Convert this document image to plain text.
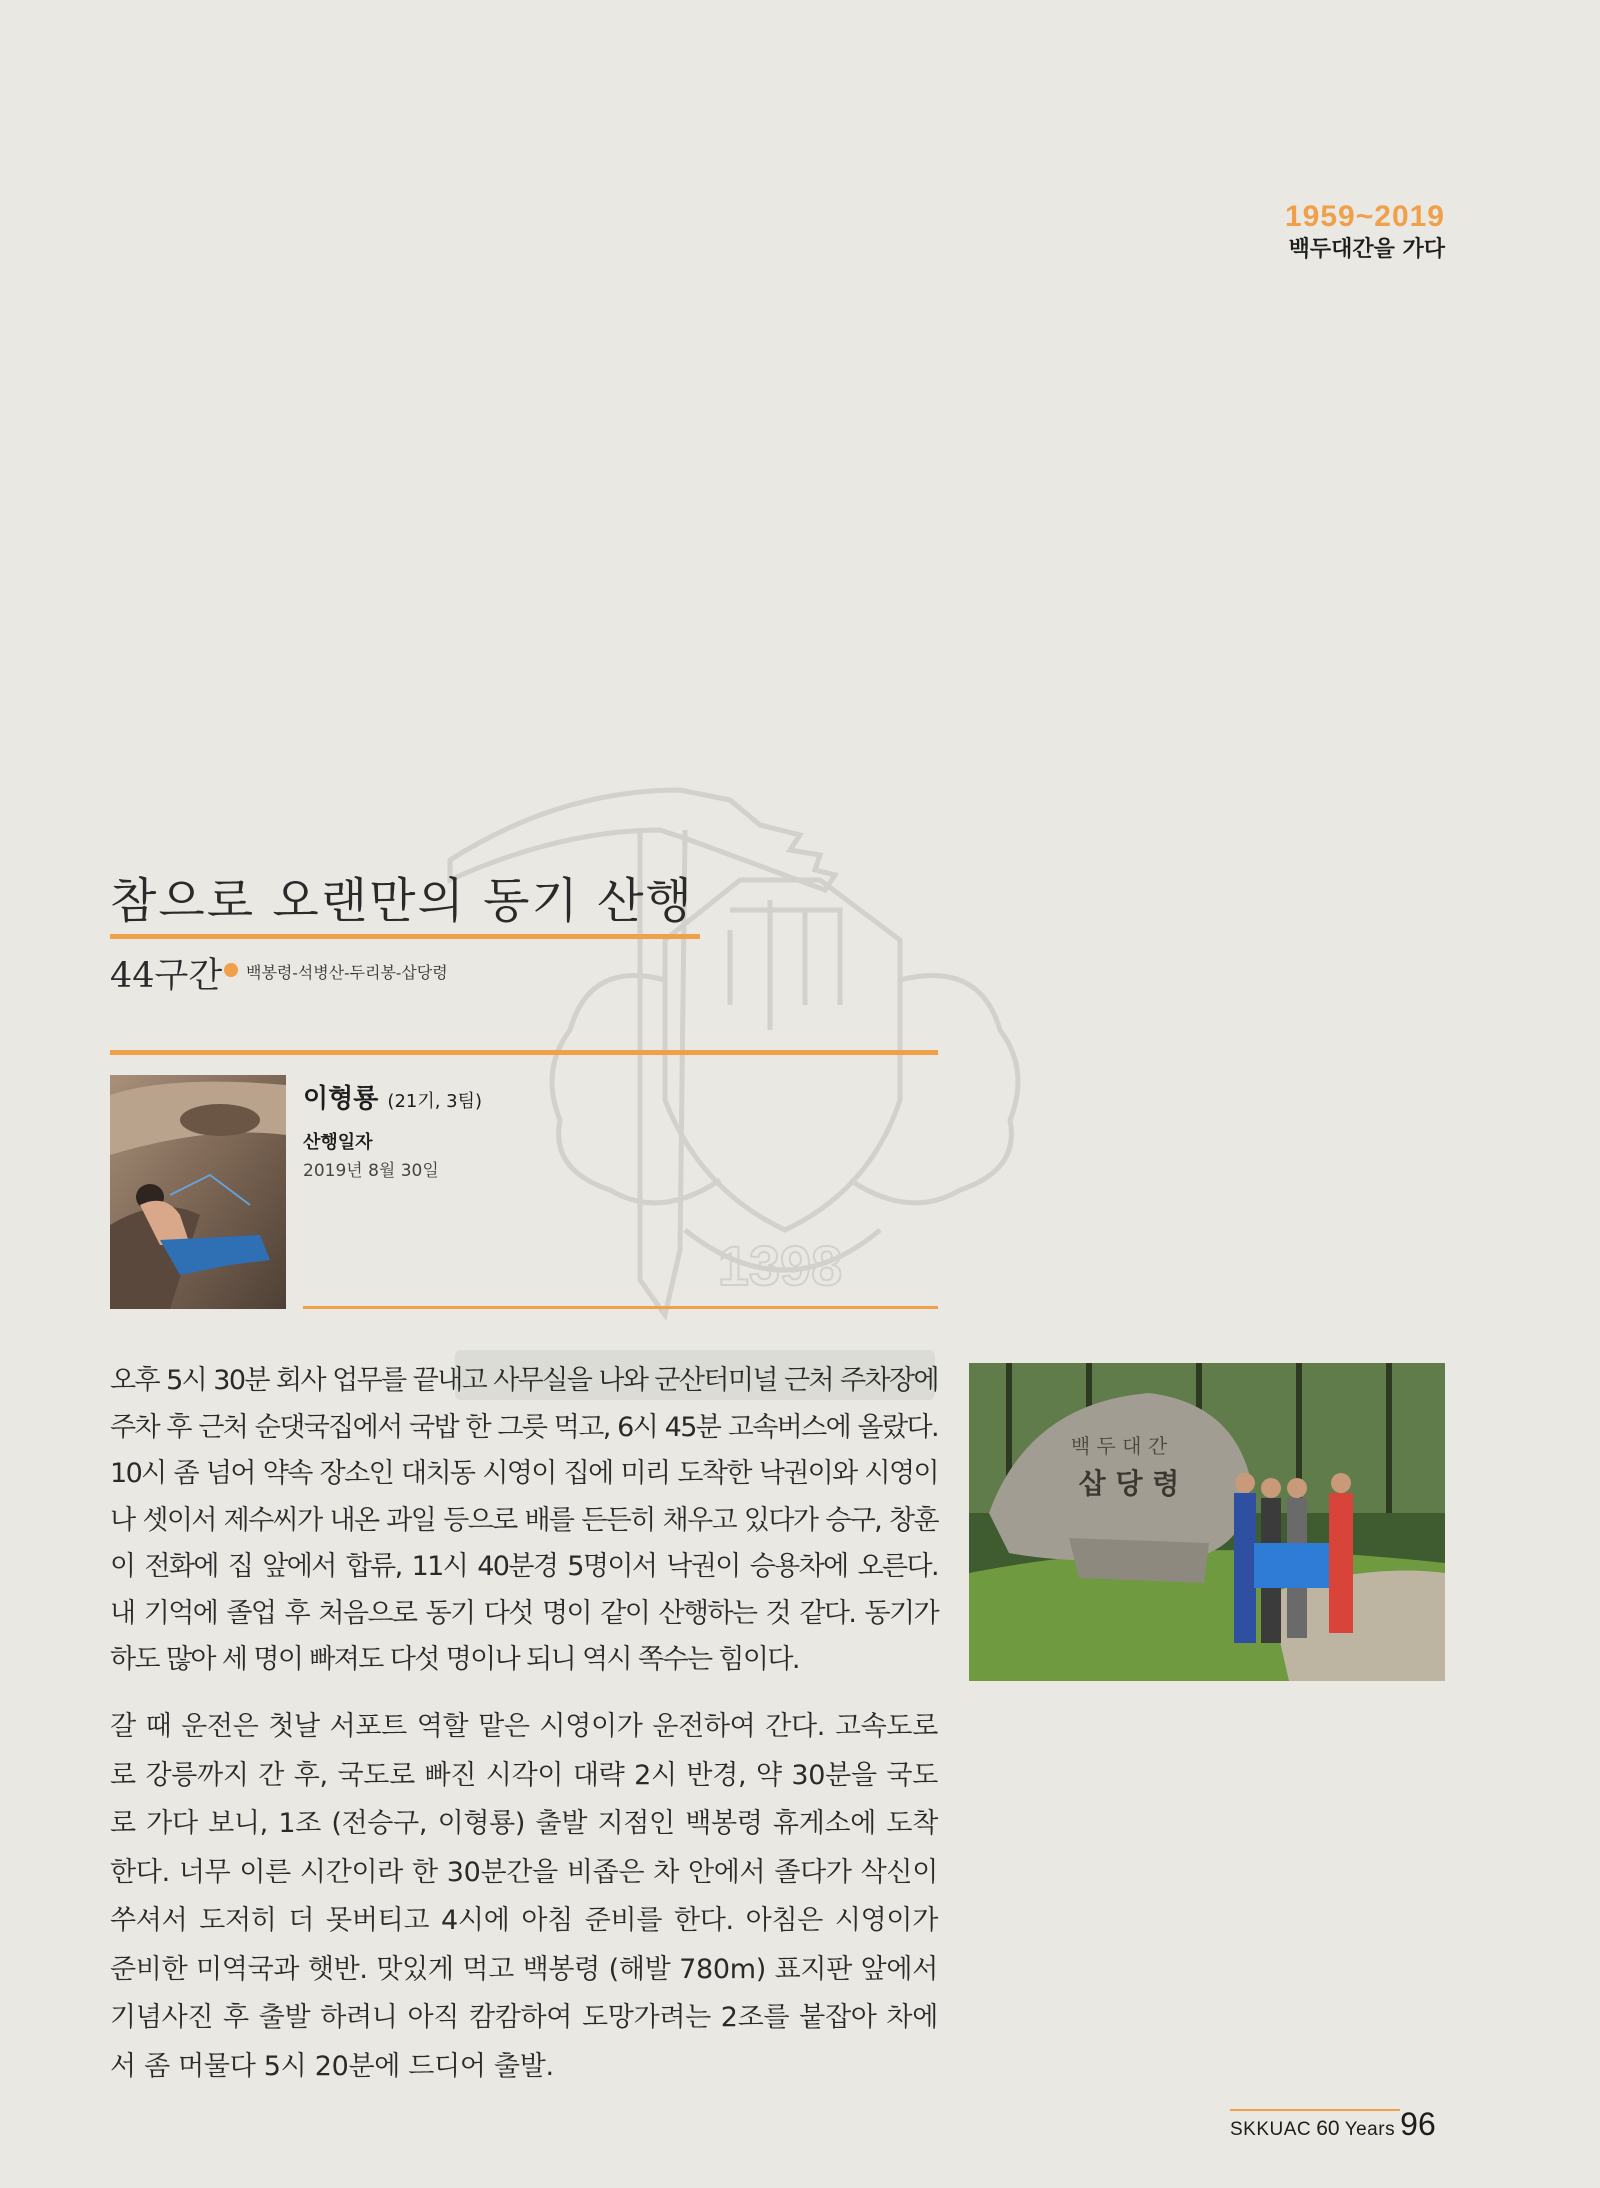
1959~2019
백두대간을 가다
1398
참으로 오랜만의 동기 산행
44구간 백봉령-석병산-두리봉-삽당령
이형룡 (21기, 3팀)
산행일자
2019년 8월 30일

오후 5시 30분 회사 업무를 끝내고 사무실을 나와 군산터미널 근처 주차장에 주차 후 근처 순댓국집에서 국밥 한 그릇 먹고, 6시 45분 고속버스에 올랐다. 10시 좀 넘어 약속 장소인 대치동 시영이 집에 미리 도착한 낙권이와 시영이 나 셋이서 제수씨가 내온 과일 등으로 배를 든든히 채우고 있다가 승구, 창훈이 전화에 집 앞에서 합류, 11시 40분경 5명이서 낙권이 승용차에 오른다. 내 기억에 졸업 후 처음으로 동기 다섯 명이 같이 산행하는 것 같다. 동기가 하도 많아 세 명이 빠져도 다섯 명이나 되니 역시 쪽수는 힘이다.

갈 때 운전은 첫날 서포트 역할 맡은 시영이가 운전하여 간다. 고속도로로 강릉까지 간 후, 국도로 빠진 시각이 대략 2시 반경, 약 30분을 국도로 가다 보니, 1조 (전승구, 이형룡) 출발 지점인 백봉령 휴게소에 도착한다. 너무 이른 시간이라 한 30분간을 비좁은 차 안에서 졸다가 삭신이 쑤셔서 도저히 더 못버티고 4시에 아침 준비를 한다. 아침은 시영이가 준비한 미역국과 햇반. 맛있게 먹고 백봉령 (해발 780m) 표지판 앞에서 기념사진 후 출발 하려니 아직 캄캄하여 도망가려는 2조를 붙잡아 차에서 좀 머물다 5시 20분에 드디어 출발.

백 두 대 간
삽 당 령
SKKUAC 60 Years 96
